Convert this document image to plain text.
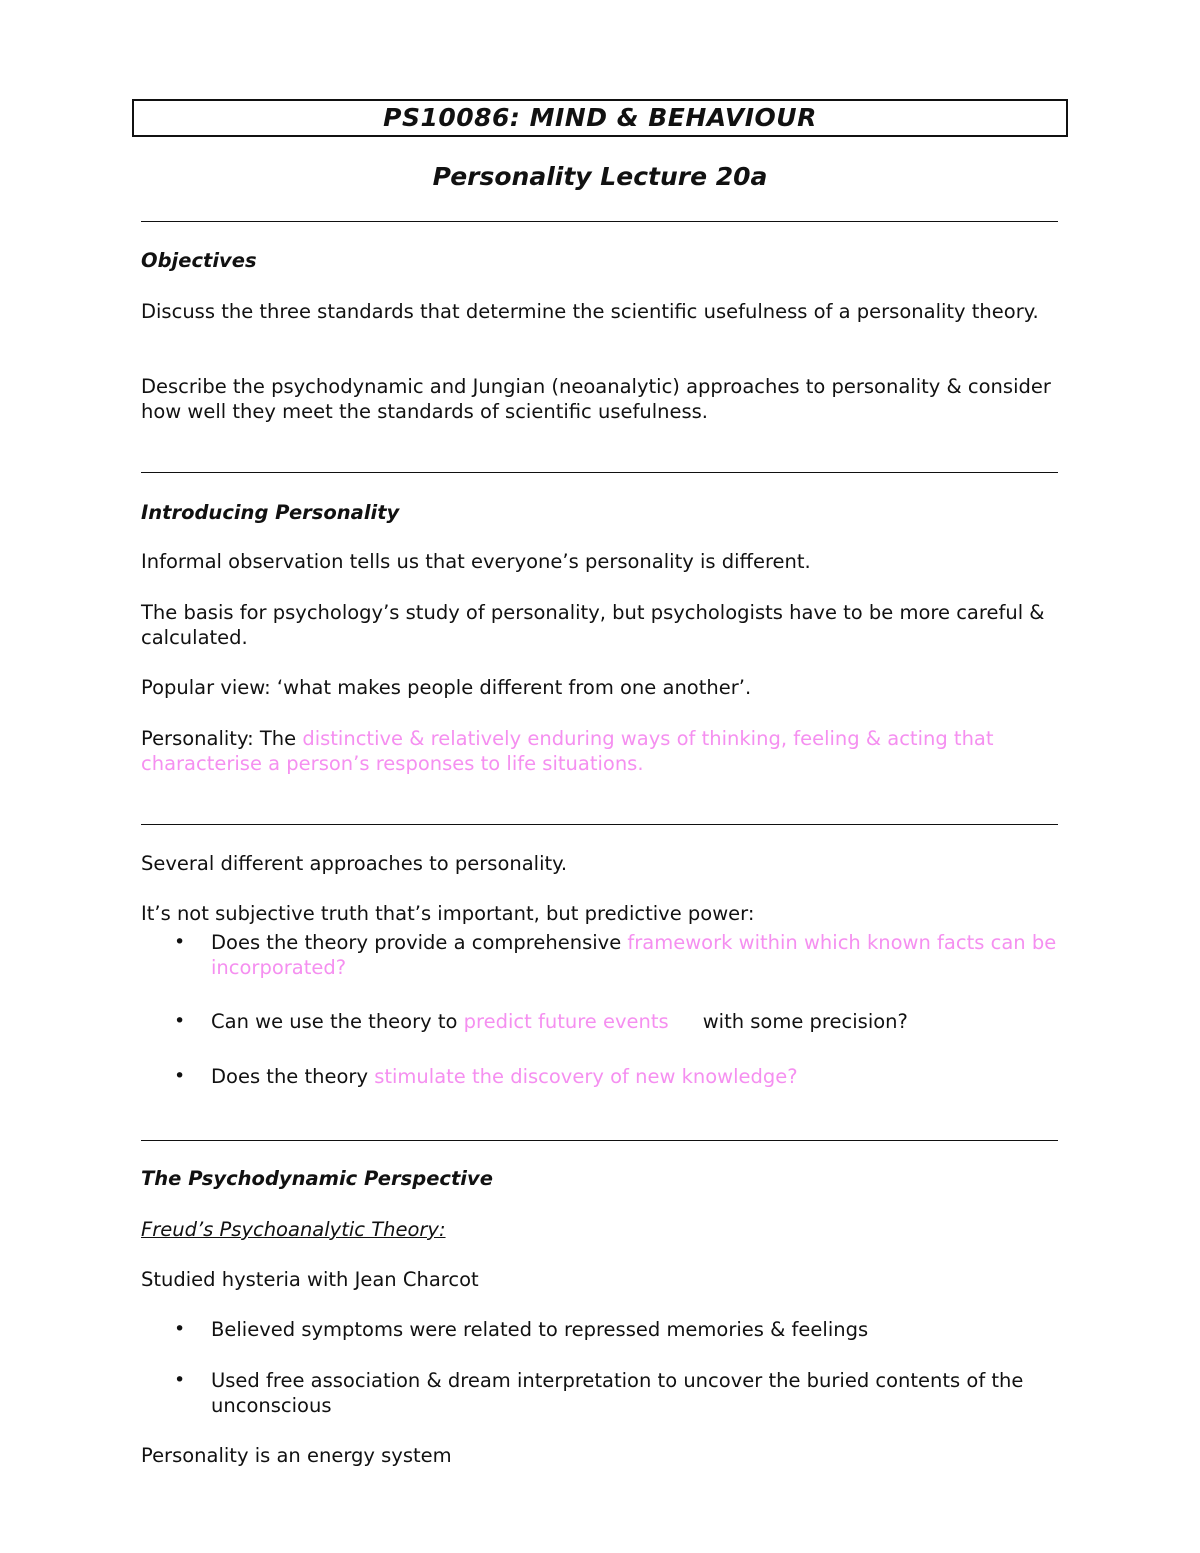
PS10086: MIND & BEHAVIOUR
Personality Lecture 20a
Objectives
Discuss the three standards that determine the scientific usefulness of a personality theory.
Describe the psychodynamic and Jungian (neoanalytic) approaches to personality & consider how well they meet the standards of scientific usefulness.
Introducing Personality
Informal observation tells us that everyone’s personality is different.
The basis for psychology’s study of personality, but psychologists have to be more careful & calculated.
Popular view: ‘what makes people different from one another’.
Personality: The distinctive & relatively enduring ways of thinking, feeling & acting that characterise a person’s responses to life situations.
Several different approaches to personality.
It’s not subjective truth that’s important, but predictive power:
• Does the theory provide a comprehensive framework within which known facts can be incorporated?
• Can we use the theory to predict future events with some precision?
• Does the theory stimulate the discovery of new knowledge?
The Psychodynamic Perspective
Freud’s Psychoanalytic Theory:
Studied hysteria with Jean Charcot
• Believed symptoms were related to repressed memories & feelings
• Used free association & dream interpretation to uncover the buried contents of the unconscious
Personality is an energy system
